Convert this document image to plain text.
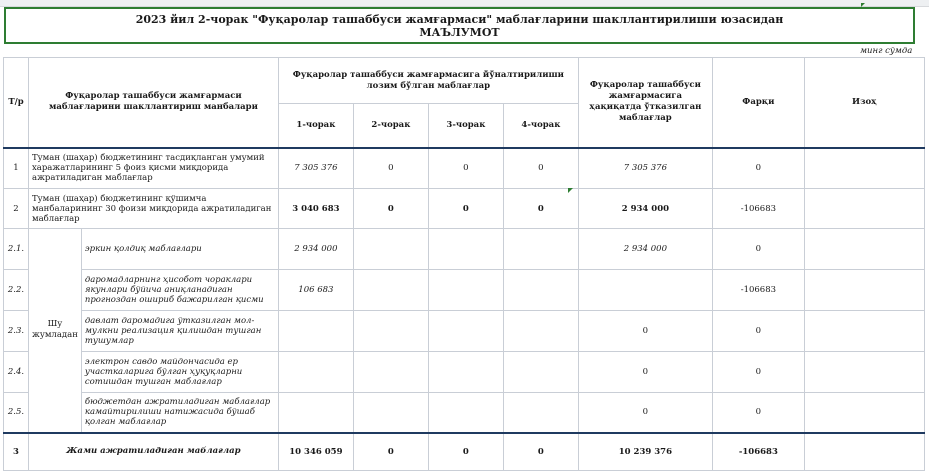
2023 йил 2-чорак "Фуқаролар ташаббуси жамғармаси" маблағларини шакллантирилиши юзасидан
МАЪЛУМОТ
минг сўмда
Т/р	Фуқаролар ташаббуси жамғармаси маблағларини шакллантириш манбалари		Фуқаролар ташаббуси жамғармасига йўналтирилиши лозим бўлган маблағлар				Фуқаролар ташаббуси жамғармасига ҳақиқатда ўтказилган маблағлар	Фарқи	Изоҳ
			1-чорак	2-чорак	3-чорак	4-чорак			
1	Туман (шаҳар) бюджетининг тасдиқланган умумий харажатларининг 5 фоиз қисми миқдорида ажратиладиган маблағлар		7 305 376	0	0	0	7 305 376	0	
2	Туман (шаҳар) бюджетининг қўшимча манбаларининг 30 фоизи миқдорида ажратиладиган маблағлар		3 040 683	0	0	0	2 934 000	-106683	
2.1.	Шу жумладан	эркин қолдиқ маблағлари	2 934 000				2 934 000	0	
2.2.		даромадларнинг ҳисобот чораклари якунлари бўйича аниқланадиган прогноздан ошириб бажарилган қисми	106 683					-106683	
2.3.		давлат даромадига ўтказилган мол-мулкни реализация қилишдан тушган тушумлар					0	0	
2.4.		электрон савдо майдончасида ер участкаларига бўлган ҳуқуқларни сотишдан тушган маблағлар					0	0	
2.5.		бюджетдан ажратиладиган маблағлар камайтирилиши натижасида бўшаб қолган маблағлар					0	0	
3	Жами ажратиладиган маблағлар		10 346 059	0	0	0	10 239 376	-106683	
